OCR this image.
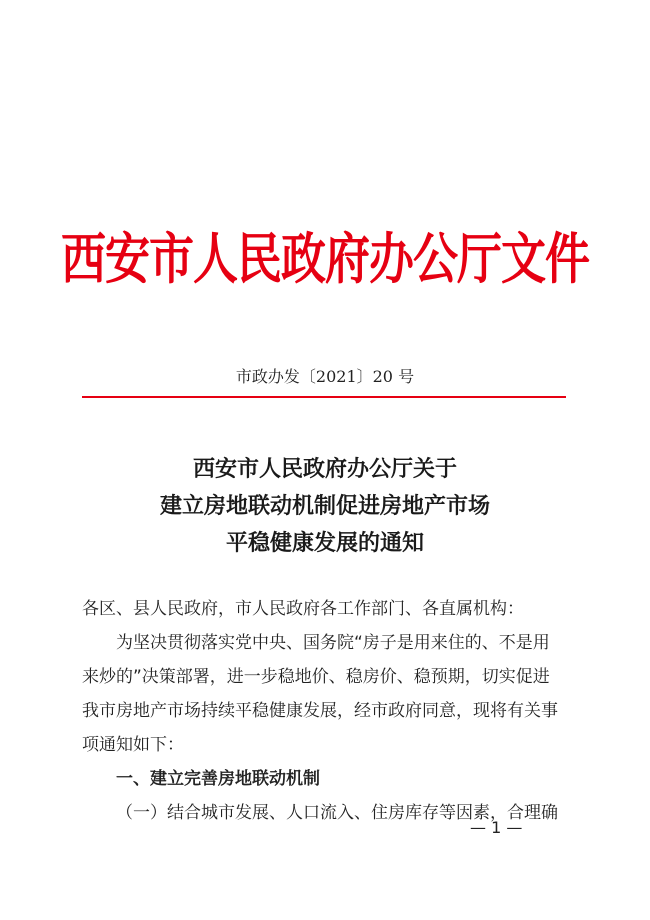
西安市人民政府办公厅文件
市政办发〔2021〕20 号
西安市人民政府办公厅关于
建立房地联动机制促进房地产市场
平稳健康发展的通知

各区、县人民政府，市人民政府各工作部门、各直属机构：

为坚决贯彻落实党中央、国务院“房子是用来住的、不是用

来炒的”决策部署，进一步稳地价、稳房价、稳预期，切实促进

我市房地产市场持续平稳健康发展，经市政府同意，现将有关事

项通知如下：

一、建立完善房地联动机制

（一）结合城市发展、人口流入、住房库存等因素，合理确

— 1 —
